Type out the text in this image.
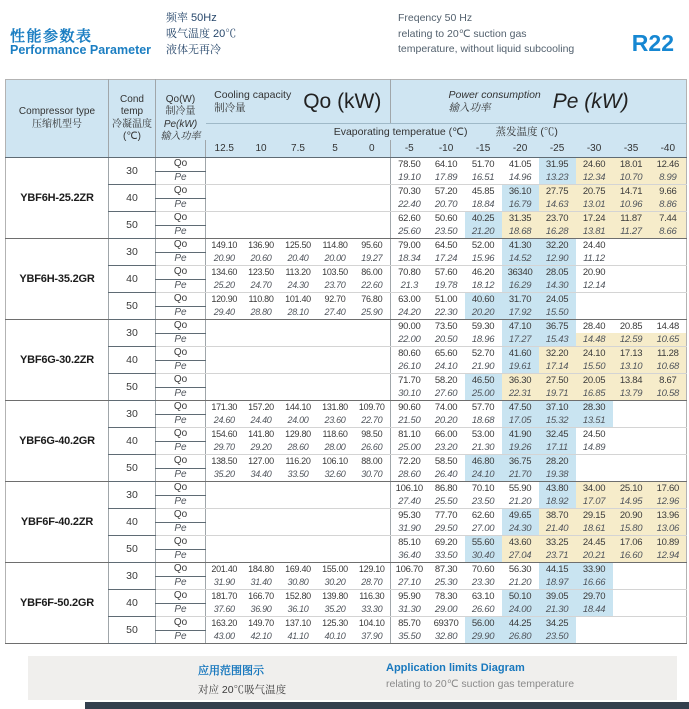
性能参数表
Performance Parameter
频率 50Hz
吸气温度 20℃
液体无再冷
Freqency 50 Hz
relating to 20℃ suction gas
temperature, without liquid subcooling	R22
Compressor type
压缩机型号

Cond temp
冷凝温度
(℃)

Qo(W)
制冷量
Pe(kW)
输入功率

Cooling capacity
制冷量	Qo (kW)	Power consumption
输入功率	Pe (kW)

			Evaporating temperatue (℃) 蒸发温度 (℃)												
			12.5	10	7.5	5	0	-5	-10	-15	-20	-25	-30	-35	-40
YBF6H-25.2ZR	30	Qo						78.50	64.10	51.70	41.05	31.95	24.60	18.01	12.46
		Pe						19.10	17.89	16.51	14.96	13.23	12.34	10.70	8.99
	40	Qo						70.30	57.20	45.85	36.10	27.75	20.75	14.71	9.66
		Pe						22.40	20.70	18.84	16.79	14.63	13.01	10.96	8.86
	50	Qo						62.60	50.60	40.25	31.35	23.70	17.24	11.87	7.44
		Pe						25.60	23.50	21.20	18.68	16.28	13.81	11.27	8.66
YBF6H-35.2GR	30	Qo	149.10	136.90	125.50	114.80	95.60	79.00	64.50	52.00	41.30	32.20	24.40		
		Pe	20.90	20.60	20.40	20.00	19.27	18.34	17.24	15.96	14.52	12.90	11.12		
	40	Qo	134.60	123.50	113.20	103.50	86.00	70.80	57.60	46.20	36340	28.05	20.90		
		Pe	25.20	24.70	24.30	23.70	22.60	21.3	19.78	18.12	16.29	14.30	12.14		
	50	Qo	120.90	110.80	101.40	92.70	76.80	63.00	51.00	40.60	31.70	24.05			
		Pe	29.40	28.80	28.10	27.40	25.90	24.20	22.30	20.20	17.92	15.50			
YBF6G-30.2ZR	30	Qo						90.00	73.50	59.30	47.10	36.75	28.40	20.85	14.48
		Pe						22.00	20.50	18.96	17.27	15.43	14.48	12.59	10.65
	40	Qo						80.60	65.60	52.70	41.60	32.20	24.10	17.13	11.28
		Pe						26.10	24.10	21.90	19.61	17.14	15.50	13.10	10.68
	50	Qo						71.70	58.20	46.50	36.30	27.50	20.05	13.84	8.67
		Pe						30.10	27.60	25.00	22.31	19.71	16.85	13.79	10.58
YBF6G-40.2GR	30	Qo	171.30	157.20	144.10	131.80	109.70	90.60	74.00	57.70	47.50	37.10	28.30		
		Pe	24.60	24.40	24.00	23.60	22.70	21.50	20.20	18.68	17.05	15.32	13.51		
	40	Qo	154.60	141.80	129.80	118.60	98.50	81.10	66.00	53.00	41.90	32.45	24.50		
		Pe	29.70	29.20	28.60	28.00	26.60	25.00	23.20	21.30	19.26	17.11	14.89		
	50	Qo	138.50	127.00	116.20	106.10	88.00	72.20	58.50	46.80	36.75	28.20			
		Pe	35.20	34.40	33.50	32.60	30.70	28.60	26.40	24.10	21.70	19.38			
YBF6F-40.2ZR	30	Qo						106.10	86.80	70.10	55.90	43.80	34.00	25.10	17.60
		Pe						27.40	25.50	23.50	21.20	18.92	17.07	14.95	12.96
	40	Qo						95.30	77.70	62.60	49.65	38.70	29.15	20.90	13.96
		Pe						31.90	29.50	27.00	24.30	21.40	18.61	15.80	13.06
	50	Qo						85.10	69.20	55.60	43.60	33.25	24.45	17.06	10.89
		Pe						36.40	33.50	30.40	27.04	23.71	20.21	16.60	12.94
YBF6F-50.2GR	30	Qo	201.40	184.80	169.40	155.00	129.10	106.70	87.30	70.60	56.30	44.15	33.90		
		Pe	31.90	31.40	30.80	30.20	28.70	27.10	25.30	23.30	21.20	18.97	16.66		
	40	Qo	181.70	166.70	152.80	139.80	116.30	95.90	78.30	63.10	50.10	39.05	29.70		
		Pe	37.60	36.90	36.10	35.20	33.30	31.30	29.00	26.60	24.00	21.30	18.44		
	50	Qo	163.20	149.70	137.10	125.30	104.10	85.70	69370	56.00	44.25	34.25			
		Pe	43.00	42.10	41.10	40.10	37.90	35.50	32.80	29.90	26.80	23.50			
应用范围图示
对应 20℃吸气温度
Application limits Diagram
relating to 20℃ suction gas temperature
